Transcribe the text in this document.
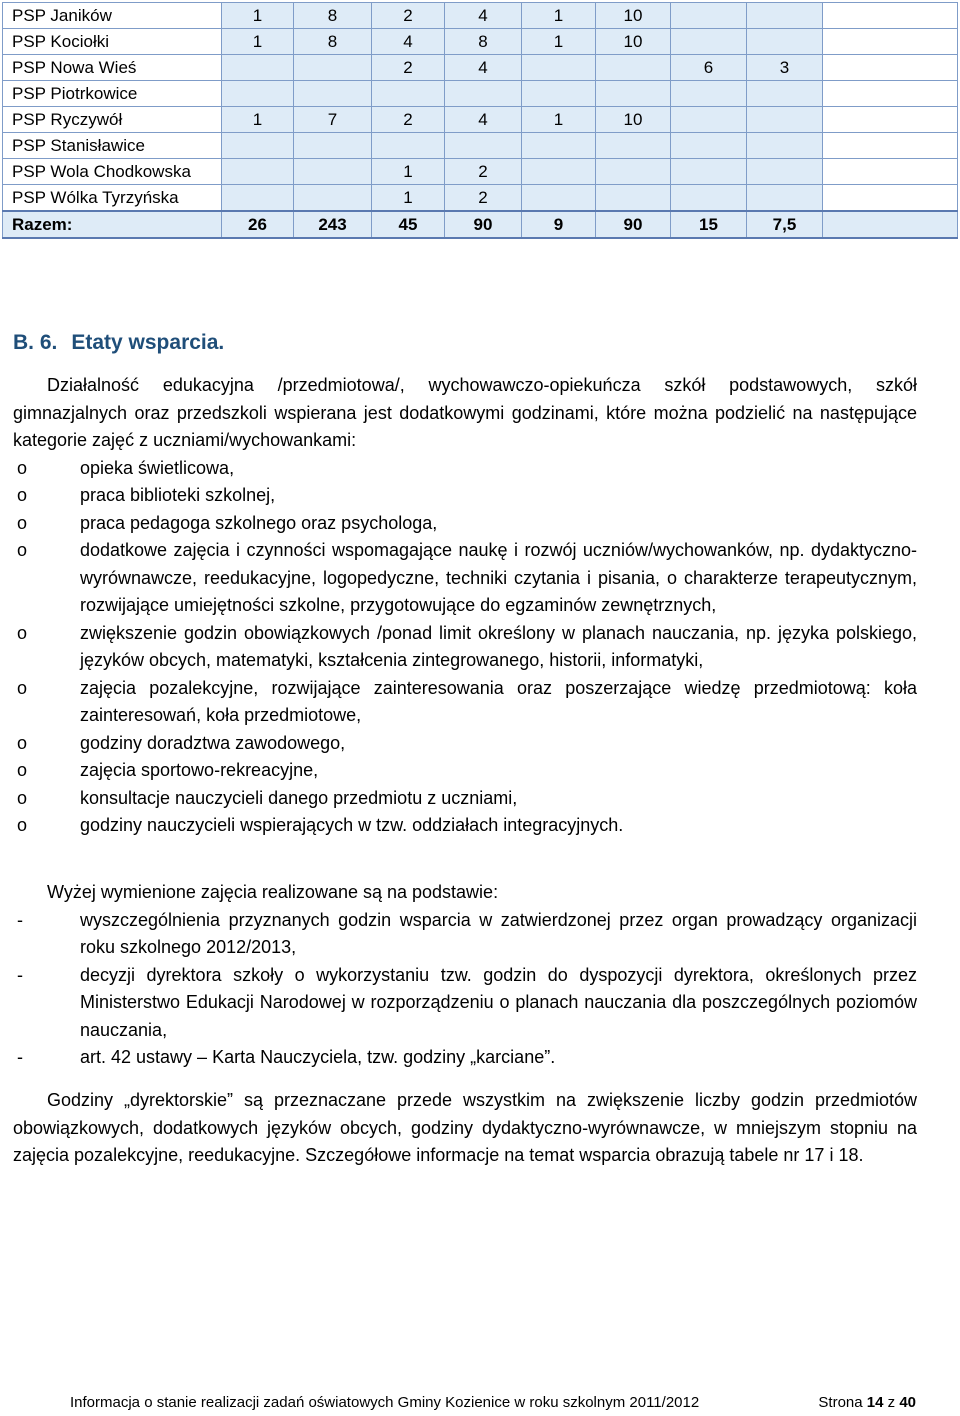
PSP Janików	1	8	2	4	1	10			
PSP Kociołki	1	8	4	8	1	10			
PSP Nowa Wieś			2	4			6	3	
PSP Piotrkowice									
PSP Ryczywół	1	7	2	4	1	10			
PSP Stanisławice									
PSP Wola Chodkowska			1	2					
PSP Wólka Tyrzyńska			1	2					
Razem:	26	243	45	90	9	90	15	7,5	
B. 6. Etaty wsparcia.

Działalność edukacyjna /przedmiotowa/, wychowawczo-opiekuńcza szkół podstawowych, szkół gimnazjalnych oraz przedszkoli wspierana jest dodatkowymi godzinami, które można podzielić na następujące kategorie zajęć z uczniami/wychowankami:

o	opieka świetlicowa,
o	praca biblioteki szkolnej,
o	praca pedagoga szkolnego oraz psychologa,
o	dodatkowe zajęcia i czynności wspomagające naukę i rozwój uczniów/wychowanków, np. dydaktyczno-wyrównawcze, reedukacyjne, logopedyczne, techniki czytania i pisania, o charakterze terapeutycznym, rozwijające umiejętności szkolne, przygotowujące do egzaminów zewnętrznych,
o	zwiększenie godzin obowiązkowych /ponad limit określony w planach nauczania, np. języka polskiego, języków obcych, matematyki, kształcenia zintegrowanego, historii, informatyki,
o	zajęcia pozalekcyjne, rozwijające zainteresowania oraz poszerzające wiedzę przedmiotową: koła zainteresowań, koła przedmiotowe,
o	godziny doradztwa zawodowego,
o	zajęcia sportowo-rekreacyjne,
o	konsultacje nauczycieli danego przedmiotu z uczniami,
o	godziny nauczycieli wspierających w tzw. oddziałach integracyjnych.

Wyżej wymienione zajęcia realizowane są na podstawie:

-	wyszczególnienia przyznanych godzin wsparcia w zatwierdzonej przez organ prowadzący organizacji roku szkolnego 2012/2013,
-	decyzji dyrektora szkoły o wykorzystaniu tzw. godzin do dyspozycji dyrektora, określonych przez Ministerstwo Edukacji Narodowej w rozporządzeniu o planach nauczania dla poszczególnych poziomów nauczania,
-	art. 42 ustawy – Karta Nauczyciela, tzw. godziny „karciane”.

Godziny „dyrektorskie” są przeznaczane przede wszystkim na zwiększenie liczby godzin przedmiotów obowiązkowych, dodatkowych języków obcych, godziny dydaktyczno-wyrównawcze, w mniejszym stopniu na zajęcia pozalekcyjne, reedukacyjne. Szczegółowe informacje na temat wsparcia obrazują tabele nr 17 i 18.

Informacja o stanie realizacji zadań oświatowych Gminy Kozienice w roku szkolnym 2011/2012	Strona 14 z 40
